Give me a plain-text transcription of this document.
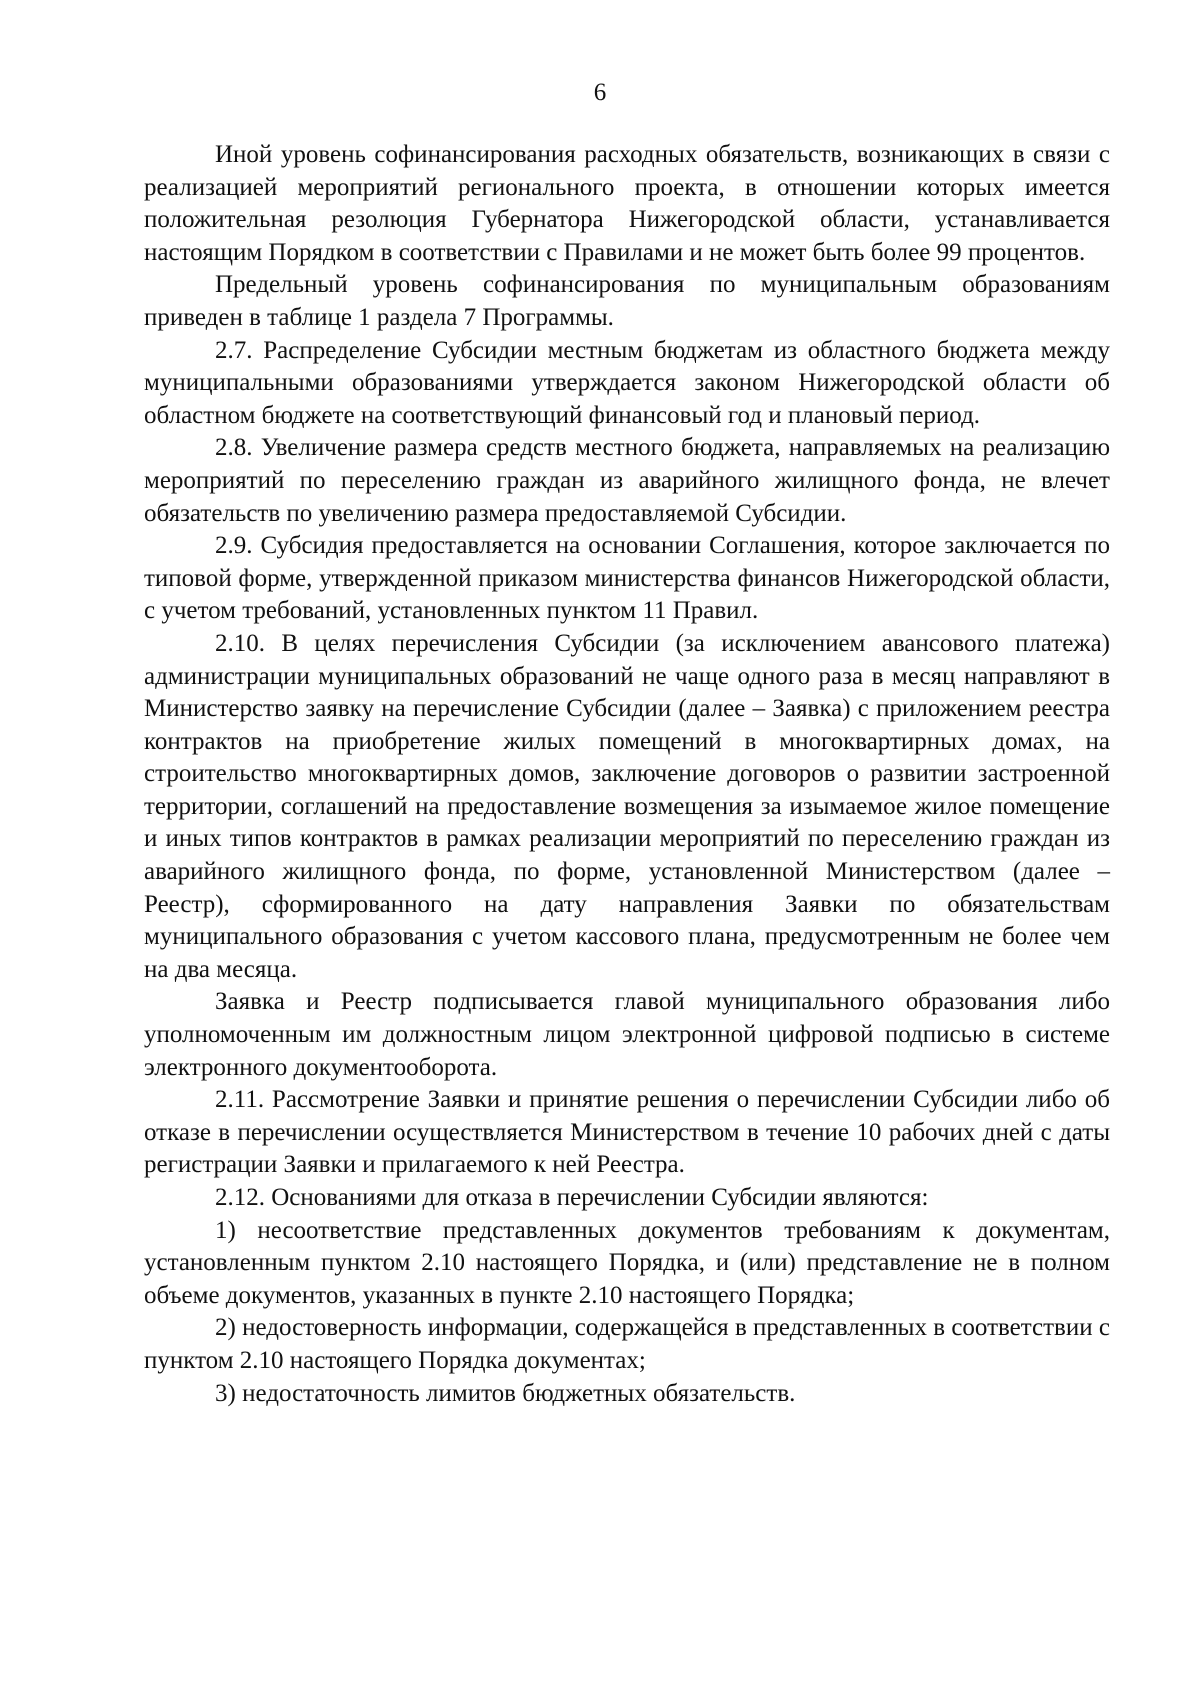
6

Иной уровень софинансирования расходных обязательств, возникающих в связи с реализацией мероприятий регионального проекта, в отношении которых имеется положительная резолюция Губернатора Нижегородской области, устанавливается настоящим Порядком в соответствии с Правилами и не может быть более 99 процентов.

Предельный уровень софинансирования по муниципальным образованиям приведен в таблице 1 раздела 7 Программы.

2.7. Распределение Субсидии местным бюджетам из областного бюджета между муниципальными образованиями утверждается законом Нижегородской области об областном бюджете на соответствующий финансовый год и плановый период.

2.8. Увеличение размера средств местного бюджета, направляемых на реализацию мероприятий по переселению граждан из аварийного жилищного фонда, не влечет обязательств по увеличению размера предоставляемой Субсидии.

2.9. Субсидия предоставляется на основании Соглашения, которое заключается по типовой форме, утвержденной приказом министерства финансов Нижегородской области, с учетом требований, установленных пунктом 11 Правил.

2.10. В целях перечисления Субсидии (за исключением авансового платежа) администрации муниципальных образований не чаще одного раза в месяц направляют в Министерство заявку на перечисление Субсидии (далее – Заявка) с приложением реестра контрактов на приобретение жилых помещений в многоквартирных домах, на строительство многоквартирных домов, заключение договоров о развитии застроенной территории, соглашений на предоставление возмещения за изымаемое жилое помещение и иных типов контрактов в рамках реализации мероприятий по переселению граждан из аварийного жилищного фонда, по форме, установленной Министерством (далее – Реестр), сформированного на дату направления Заявки по обязательствам муниципального образования с учетом кассового плана, предусмотренным не более чем на два месяца.

Заявка и Реестр подписывается главой муниципального образования либо уполномоченным им должностным лицом электронной цифровой подписью в системе электронного документооборота.

2.11. Рассмотрение Заявки и принятие решения о перечислении Субсидии либо об отказе в перечислении осуществляется Министерством в течение 10 рабочих дней с даты регистрации Заявки и прилагаемого к ней Реестра.

2.12. Основаниями для отказа в перечислении Субсидии являются:

1) несоответствие представленных документов требованиям к документам, установленным пунктом 2.10 настоящего Порядка, и (или) представление не в полном объеме документов, указанных в пункте 2.10 настоящего Порядка;

2) недостоверность информации, содержащейся в представленных в соответствии с пунктом 2.10 настоящего Порядка документах;

3) недостаточность лимитов бюджетных обязательств.
